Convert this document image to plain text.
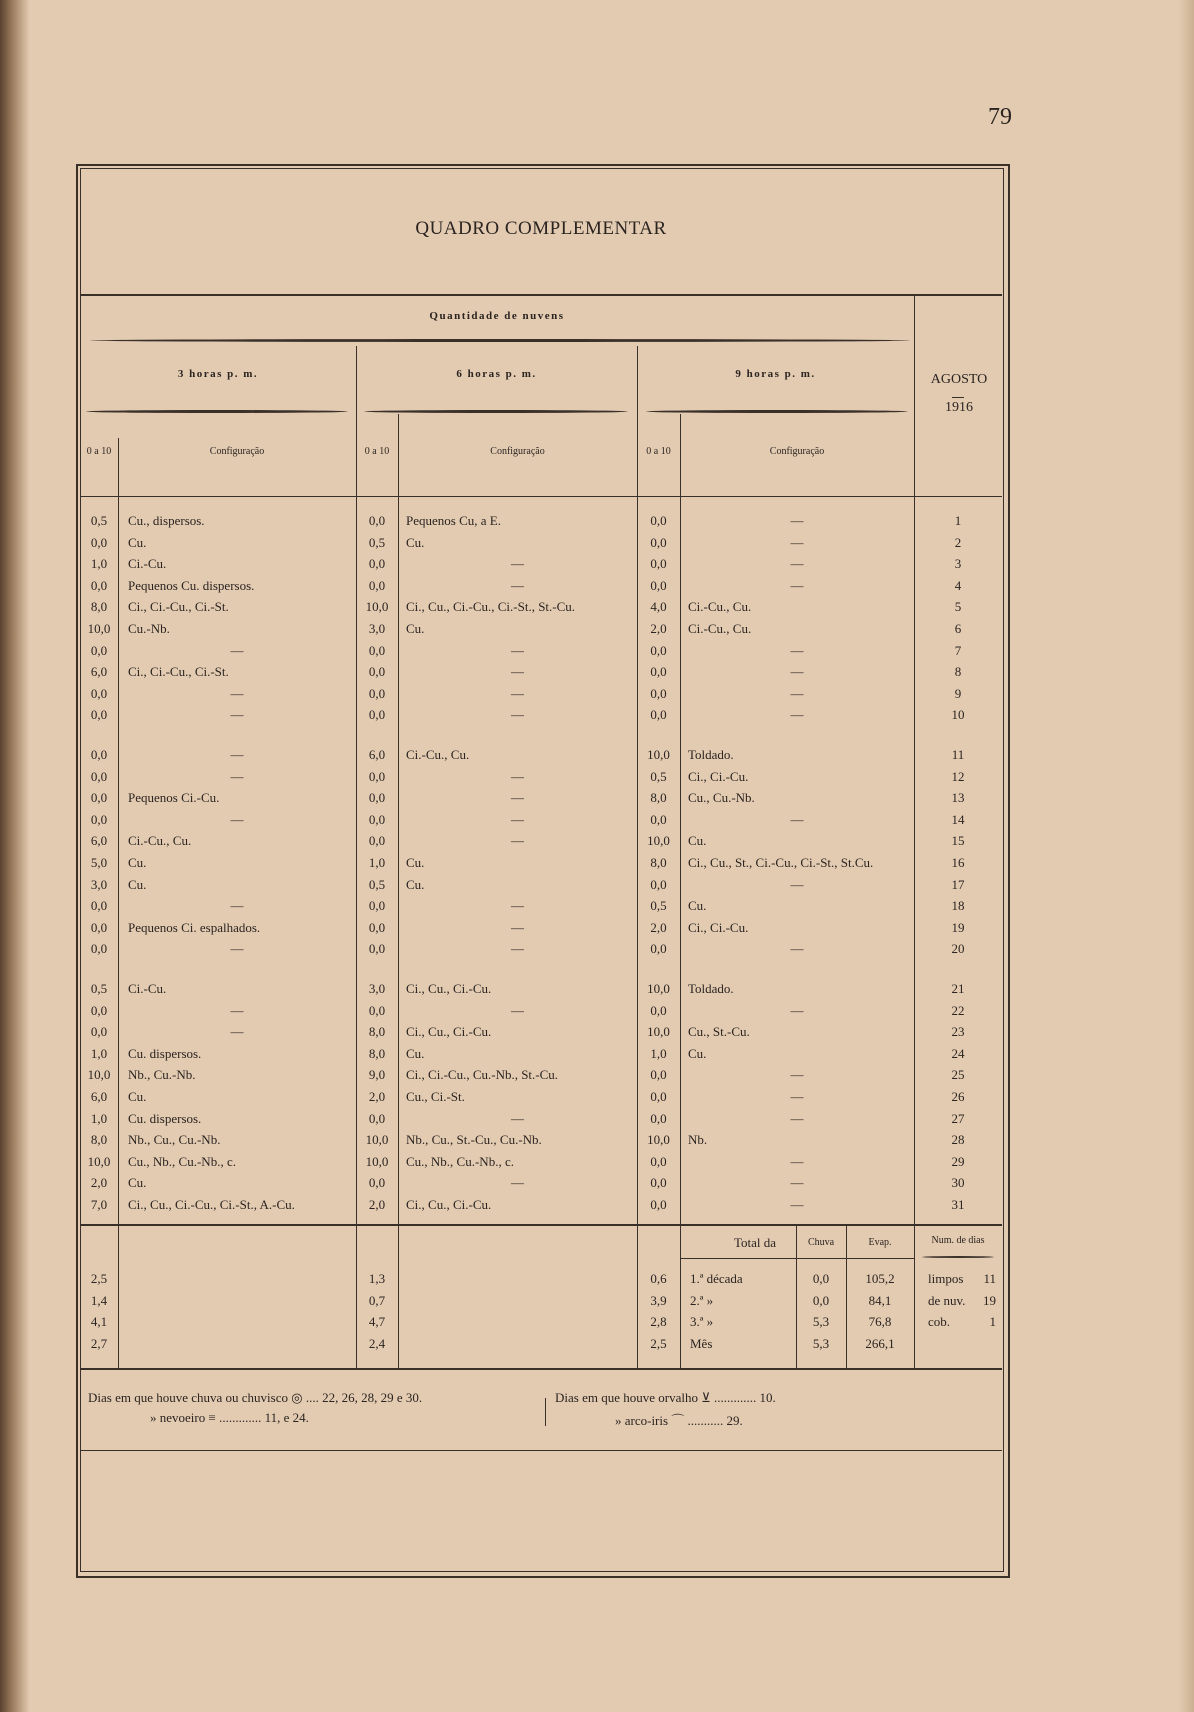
79
QUADRO COMPLEMENTAR
Quantidade de nuvens
3 horas p. m.	6 horas p. m.	9 horas p. m.
0 a 10	Configuração	0 a 10	Configuração	0 a 10	Configuração
AGOSTO
1916
0,5	Cu., dispersos.	0,0	Pequenos Cu, a E.	0,0	—	1
0,0	Cu.	0,5	Cu.	0,0	—	2
1,0	Ci.-Cu.	0,0	—	0,0	—	3
0,0	Pequenos Cu. dispersos.	0,0	—	0,0	—	4
8,0	Ci., Ci.-Cu., Ci.-St.	10,0	Ci., Cu., Ci.-Cu., Ci.-St., St.-Cu.	4,0	Ci.-Cu., Cu.	5
10,0	Cu.-Nb.	3,0	Cu.	2,0	Ci.-Cu., Cu.	6
0,0	—	0,0	—	0,0	—	7
6,0	Ci., Ci.-Cu., Ci.-St.	0,0	—	0,0	—	8
0,0	—	0,0	—	0,0	—	9
0,0	—	0,0	—	0,0	—	10
0,0	—	6,0	Ci.-Cu., Cu.	10,0	Toldado.	11
0,0	—	0,0	—	0,5	Ci., Ci.-Cu.	12
0,0	Pequenos Ci.-Cu.	0,0	—	8,0	Cu., Cu.-Nb.	13
0,0	—	0,0	—	0,0	—	14
6,0	Ci.-Cu., Cu.	0,0	—	10,0	Cu.	15
5,0	Cu.	1,0	Cu.	8,0	Ci., Cu., St., Ci.-Cu., Ci.-St., St.Cu.	16
3,0	Cu.	0,5	Cu.	0,0	—	17
0,0	—	0,0	—	0,5	Cu.	18
0,0	Pequenos Ci. espalhados.	0,0	—	2,0	Ci., Ci.-Cu.	19
0,0	—	0,0	—	0,0	—	20
0,5	Ci.-Cu.	3,0	Ci., Cu., Ci.-Cu.	10,0	Toldado.	21
0,0	—	0,0	—	0,0	—	22
0,0	—	8,0	Ci., Cu., Ci.-Cu.	10,0	Cu., St.-Cu.	23
1,0	Cu. dispersos.	8,0	Cu.	1,0	Cu.	24
10,0	Nb., Cu.-Nb.	9,0	Ci., Ci.-Cu., Cu.-Nb., St.-Cu.	0,0	—	25
6,0	Cu.	2,0	Cu., Ci.-St.	0,0	—	26
1,0	Cu. dispersos.	0,0	—	0,0	—	27
8,0	Nb., Cu., Cu.-Nb.	10,0	Nb., Cu., St.-Cu., Cu.-Nb.	10,0	Nb.	28
10,0	Cu., Nb., Cu.-Nb., c.	10,0	Cu., Nb., Cu.-Nb., c.	0,0	—	29
2,0	Cu.	0,0	—	0,0	—	30
7,0	Ci., Cu., Ci.-Cu., Ci.-St., A.-Cu.	2,0	Ci., Cu., Ci.-Cu.	0,0	—	31
Total da	Chuva	Evap.	Num. de dias
2,5	1,3	0,6	1.ª década	0,0	105,2	limpos	11
1,4	0,7	3,9	2.ª »	0,0	84,1	de nuv.	19
4,1	4,7	2,8	3.ª »	5,3	76,8	cob.	1
2,7	2,4	2,5	Mês	5,3	266,1
Dias em que houve chuva ou chuvisco ◎ .... 22, 26, 28, 29 e 30.
» nevoeiro ≡ ............. 11, e 24.
Dias em que houve orvalho ⊻ ............. 10.
» arco-iris ⌒ ........... 29.
